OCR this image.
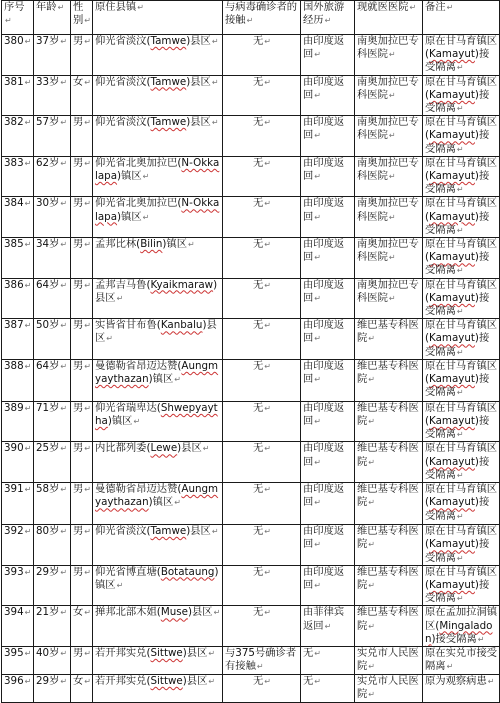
序号 ↵	年龄 ↵	性别 ↵	原住县镇 ↵	与病毒确诊者的接触 ↵	国外旅游经历 ↵	现就医医院 ↵	备注 ↵
380 ↵	37岁 ↵	男 ↵	仰光省淡汶(Tamwe)县区 ↵	无 ↵	由印度返回 ↵	南奥加拉巴专科医院 ↵	原在甘马育镇区(Kamayut)接受隔离 ↵
381 ↵	33岁 ↵	女 ↵	仰光省淡汶(Tamwe)县区 ↵	无 ↵	由印度返回 ↵	南奥加拉巴专科医院 ↵	原在甘马育镇区(Kamayut)接受隔离 ↵
382 ↵	57岁 ↵	男 ↵	仰光省淡汶(Tamwe)县区 ↵	无 ↵	由印度返回 ↵	南奥加拉巴专科医院 ↵	原在甘马育镇区(Kamayut)接受隔离 ↵
383 ↵	62岁 ↵	男 ↵	仰光省北奥加拉巴(N-Okkalapa)镇区 ↵	无 ↵	由印度返回 ↵	南奥加拉巴专科医院 ↵	原在甘马育镇区(Kamayut)接受隔离 ↵
384 ↵	30岁 ↵	男 ↵	仰光省北奥加拉巴(N-Okkalapa)镇区 ↵	无 ↵	由印度返回 ↵	南奥加拉巴专科医院 ↵	原在甘马育镇区(Kamayut)接受隔离 ↵
385 ↵	34岁 ↵	男 ↵	孟邦比林(Bilin)镇区 ↵	无 ↵	由印度返回 ↵	南奥加拉巴专科医院 ↵	原在甘马育镇区(Kamayut)接受隔离 ↵
386 ↵	64岁 ↵	男 ↵	孟邦吉马鲁(Kyaikmaraw)县区 ↵	无 ↵	由印度返回 ↵	南奥加拉巴专科医院 ↵	原在甘马育镇区(Kamayut)接受隔离 ↵
387 ↵	50岁 ↵	男 ↵	实皆省甘布鲁(Kanbalu)县区 ↵	无 ↵	由印度返回 ↵	维巴基专科医院 ↵	原在甘马育镇区(Kamayut)接受隔离 ↵
388 ↵	64岁 ↵	男 ↵	曼德勒省昂迈达赞(Aungmyaythazan)镇区 ↵	无 ↵	由印度返回 ↵	维巴基专科医院 ↵	原在甘马育镇区(Kamayut)接受隔离 ↵
389 ↵	71岁 ↵	男 ↵	仰光省瑞卑达(Shwepyaytha)镇区 ↵	无 ↵	由印度返回 ↵	维巴基专科医院 ↵	原在甘马育镇区(Kamayut)接受隔离 ↵
390 ↵	25岁 ↵	男 ↵	内比都列委(Lewe)县区 ↵	无 ↵	由印度返回 ↵	维巴基专科医院 ↵	原在甘马育镇区(Kamayut)接受隔离 ↵
391 ↵	58岁 ↵	男 ↵	曼德勒省昂迈达赞(Aungmyaythazan)镇区 ↵	无 ↵	由印度返回 ↵	维巴基专科医院 ↵	原在甘马育镇区(Kamayut)接受隔离 ↵
392 ↵	80岁 ↵	男 ↵	仰光省淡汶(Tamwe)县区 ↵	无 ↵	由印度返回 ↵	维巴基专科医院 ↵	原在甘马育镇区(Kamayut)接受隔离 ↵
393 ↵	29岁 ↵	男 ↵	仰光省博直塘(Botataung)镇区 ↵	无 ↵	由印度返回 ↵	维巴基专科医院 ↵	原在甘马育镇区(Kamayut)接受隔离 ↵
394 ↵	21岁 ↵	女 ↵	掸邦北部木姐(Muse)县区 ↵	无 ↵	由菲律宾返回 ↵	维巴基专科医院 ↵	原在孟加拉洞镇区(Mingaladon)接受隔离 ↵
395 ↵	40岁 ↵	男 ↵	若开邦实兑(Sittwe)县区 ↵	与375号确诊者有接触 ↵	无 ↵	实兑市人民医院 ↵	原在实兑市接受隔离 ↵
396 ↵	29岁 ↵	女 ↵	若开邦实兑(Sittwe)县区 ↵	无 ↵	无 ↵	实兑市人民医院 ↵	原为观察病患 ↵
